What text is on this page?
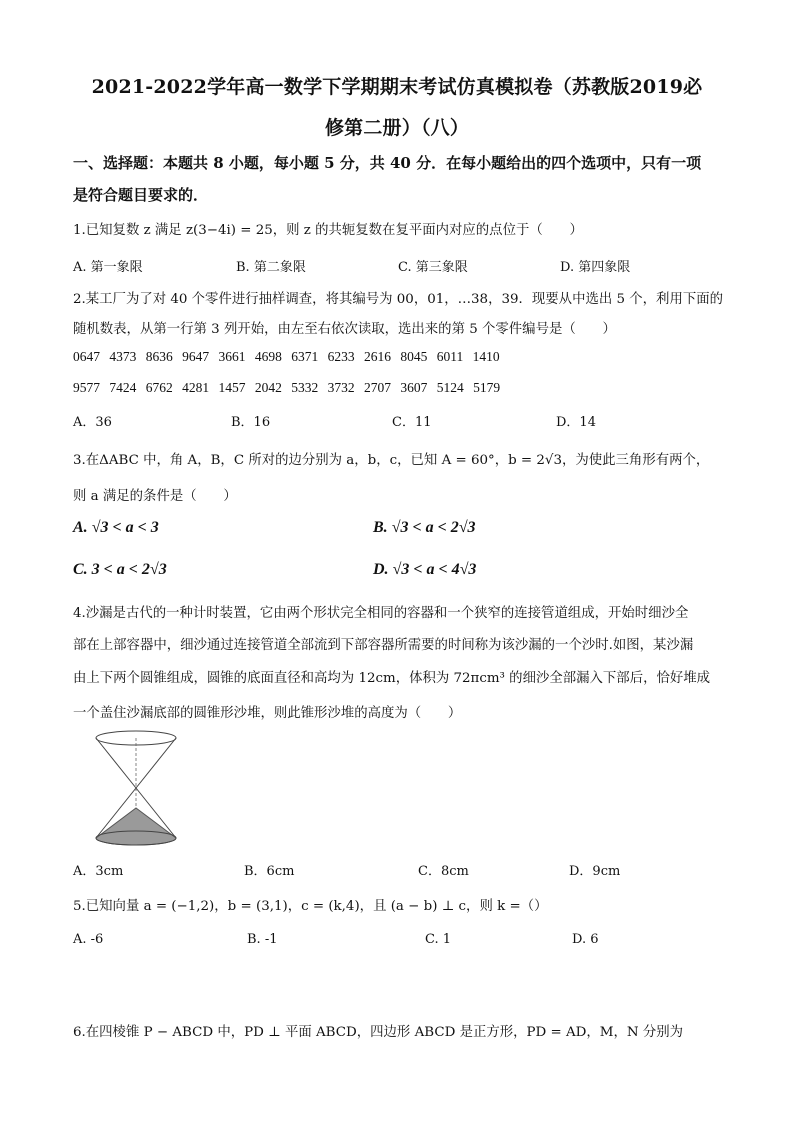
2021-2022学年高一数学下学期期末考试仿真模拟卷（苏教版2019必
修第二册）（八）
一、选择题：本题共 8 小题，每小题 5 分，共 40 分．在每小题给出的四个选项中，只有一项
是符合题目要求的．
1.已知复数 z 满足 z(3−4i) = 25，则 z 的共轭复数在复平面内对应的点位于（　　）
A. 第一象限	B. 第二象限	C. 第三象限	D. 第四象限
2.某工厂为了对 40 个零件进行抽样调查，将其编号为 00，01，…38，39．现要从中选出 5 个，利用下面的
随机数表，从第一行第 3 列开始，由左至右依次读取，选出来的第 5 个零件编号是（　　）
0647 4373 8636 9647 3661 4698 6371 6233 2616 8045 6011 1410
9577 7424 6762 4281 1457 2042 5332 3732 2707 3607 5124 5179
A．36	B．16	C．11	D．14
3.在ΔABC 中，角 A，B，C 所对的边分别为 a，b，c，已知 A = 60°，b = 2√3，为使此三角形有两个，
则 a 满足的条件是（　　）
A. √3 < a < 3	B. √3 < a < 2√3
C. 3 < a < 2√3	D. √3 < a < 4√3
4.沙漏是古代的一种计时装置，它由两个形状完全相同的容器和一个狭窄的连接管道组成，开始时细沙全
部在上部容器中，细沙通过连接管道全部流到下部容器所需要的时间称为该沙漏的一个沙时.如图，某沙漏
由上下两个圆锥组成，圆锥的底面直径和高均为 12cm，体积为 72πcm³ 的细沙全部漏入下部后，恰好堆成
一个盖住沙漏底部的圆锥形沙堆，则此锥形沙堆的高度为（　　）
A．3cm	B．6cm	C．8cm	D．9cm
5.已知向量 a = (−1,2)，b = (3,1)，c = (k,4)，且 (a − b) ⊥ c，则 k =（）
A. -6	B. -1	C. 1	D. 6
6.在四棱锥 P − ABCD 中，PD ⊥ 平面 ABCD，四边形 ABCD 是正方形，PD = AD，M，N 分别为
